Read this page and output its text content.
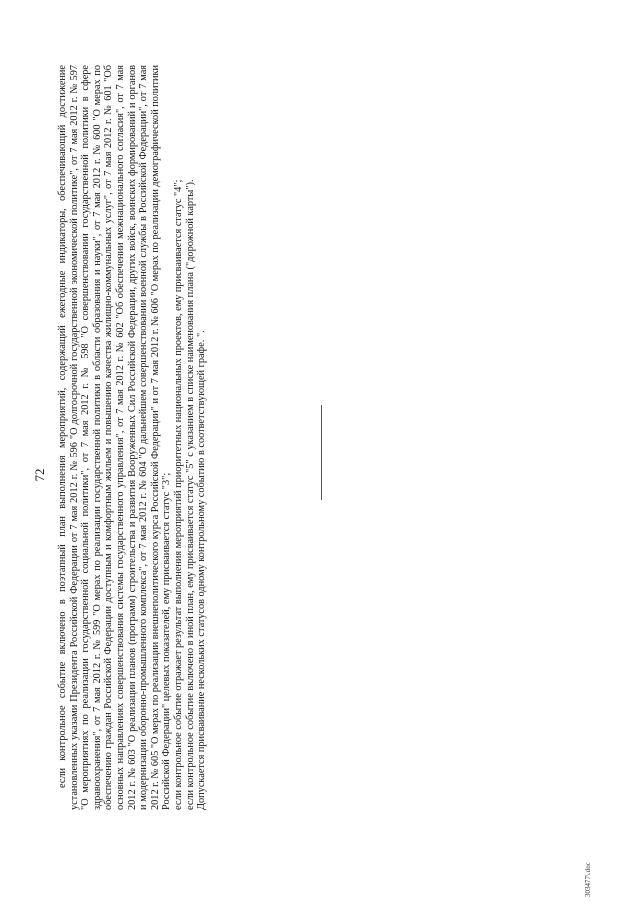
72 если контрольное событие включено в поэтапный план выполнения мероприятий, содержащий ежегодные индикаторы, обеспечивающий достижение установленных указами Президента Российской Федерации от 7 мая 2012 г. № 596 "О долгосрочной государственной экономической политике", от 7 мая 2012 г. № 597 "О мероприятиях по реализации государственной социальной политики", от 7 мая 2012 г. № 598 "О совершенствовании государственной политики в сфере здравоохранения", от 7 мая 2012 г. № 599 "О мерах по реализации государственной политики в области образования и науки", от 7 мая 2012 г. № 600 "О мерах по обеспечению граждан Российской Федерации доступным и комфортным жильем и повышению качества жилищно-коммунальных услуг", от 7 мая 2012 г. № 601 "Об основных направлениях совершенствования системы государственного управления", от 7 мая 2012 г. № 602 "Об обеспечении межнационального согласия", от 7 мая 2012 г. № 603 "О реализации планов (программ) строительства и развития Вооруженных Сил Российской Федерации, других войск, воинских формирований и органов и модернизации оборонно-промышленного комплекса", от 7 мая 2012 г. № 604 "О дальнейшем совершенствовании военной службы в Российской Федерации", от 7 мая 2012 г. № 605 "О мерах по реализации внешнеполитического курса Российской Федерации" и от 7 мая 2012 г. № 606 "О мерах по реализации демографической политики Российской Федерации" целевых показателей, ему присваивается статус "3"; если контрольное событие отражает результат выполнения мероприятий приоритетных национальных проектов, ему присваивается статус "4"; если контрольное событие включено в иной план, ему присваивается статус "5" с указанием в списке наименования плана ("дорожной карты"). Допускается присваивание нескольких статусов одному контрольному событию в соответствующей графе. ".

303477\.doc
